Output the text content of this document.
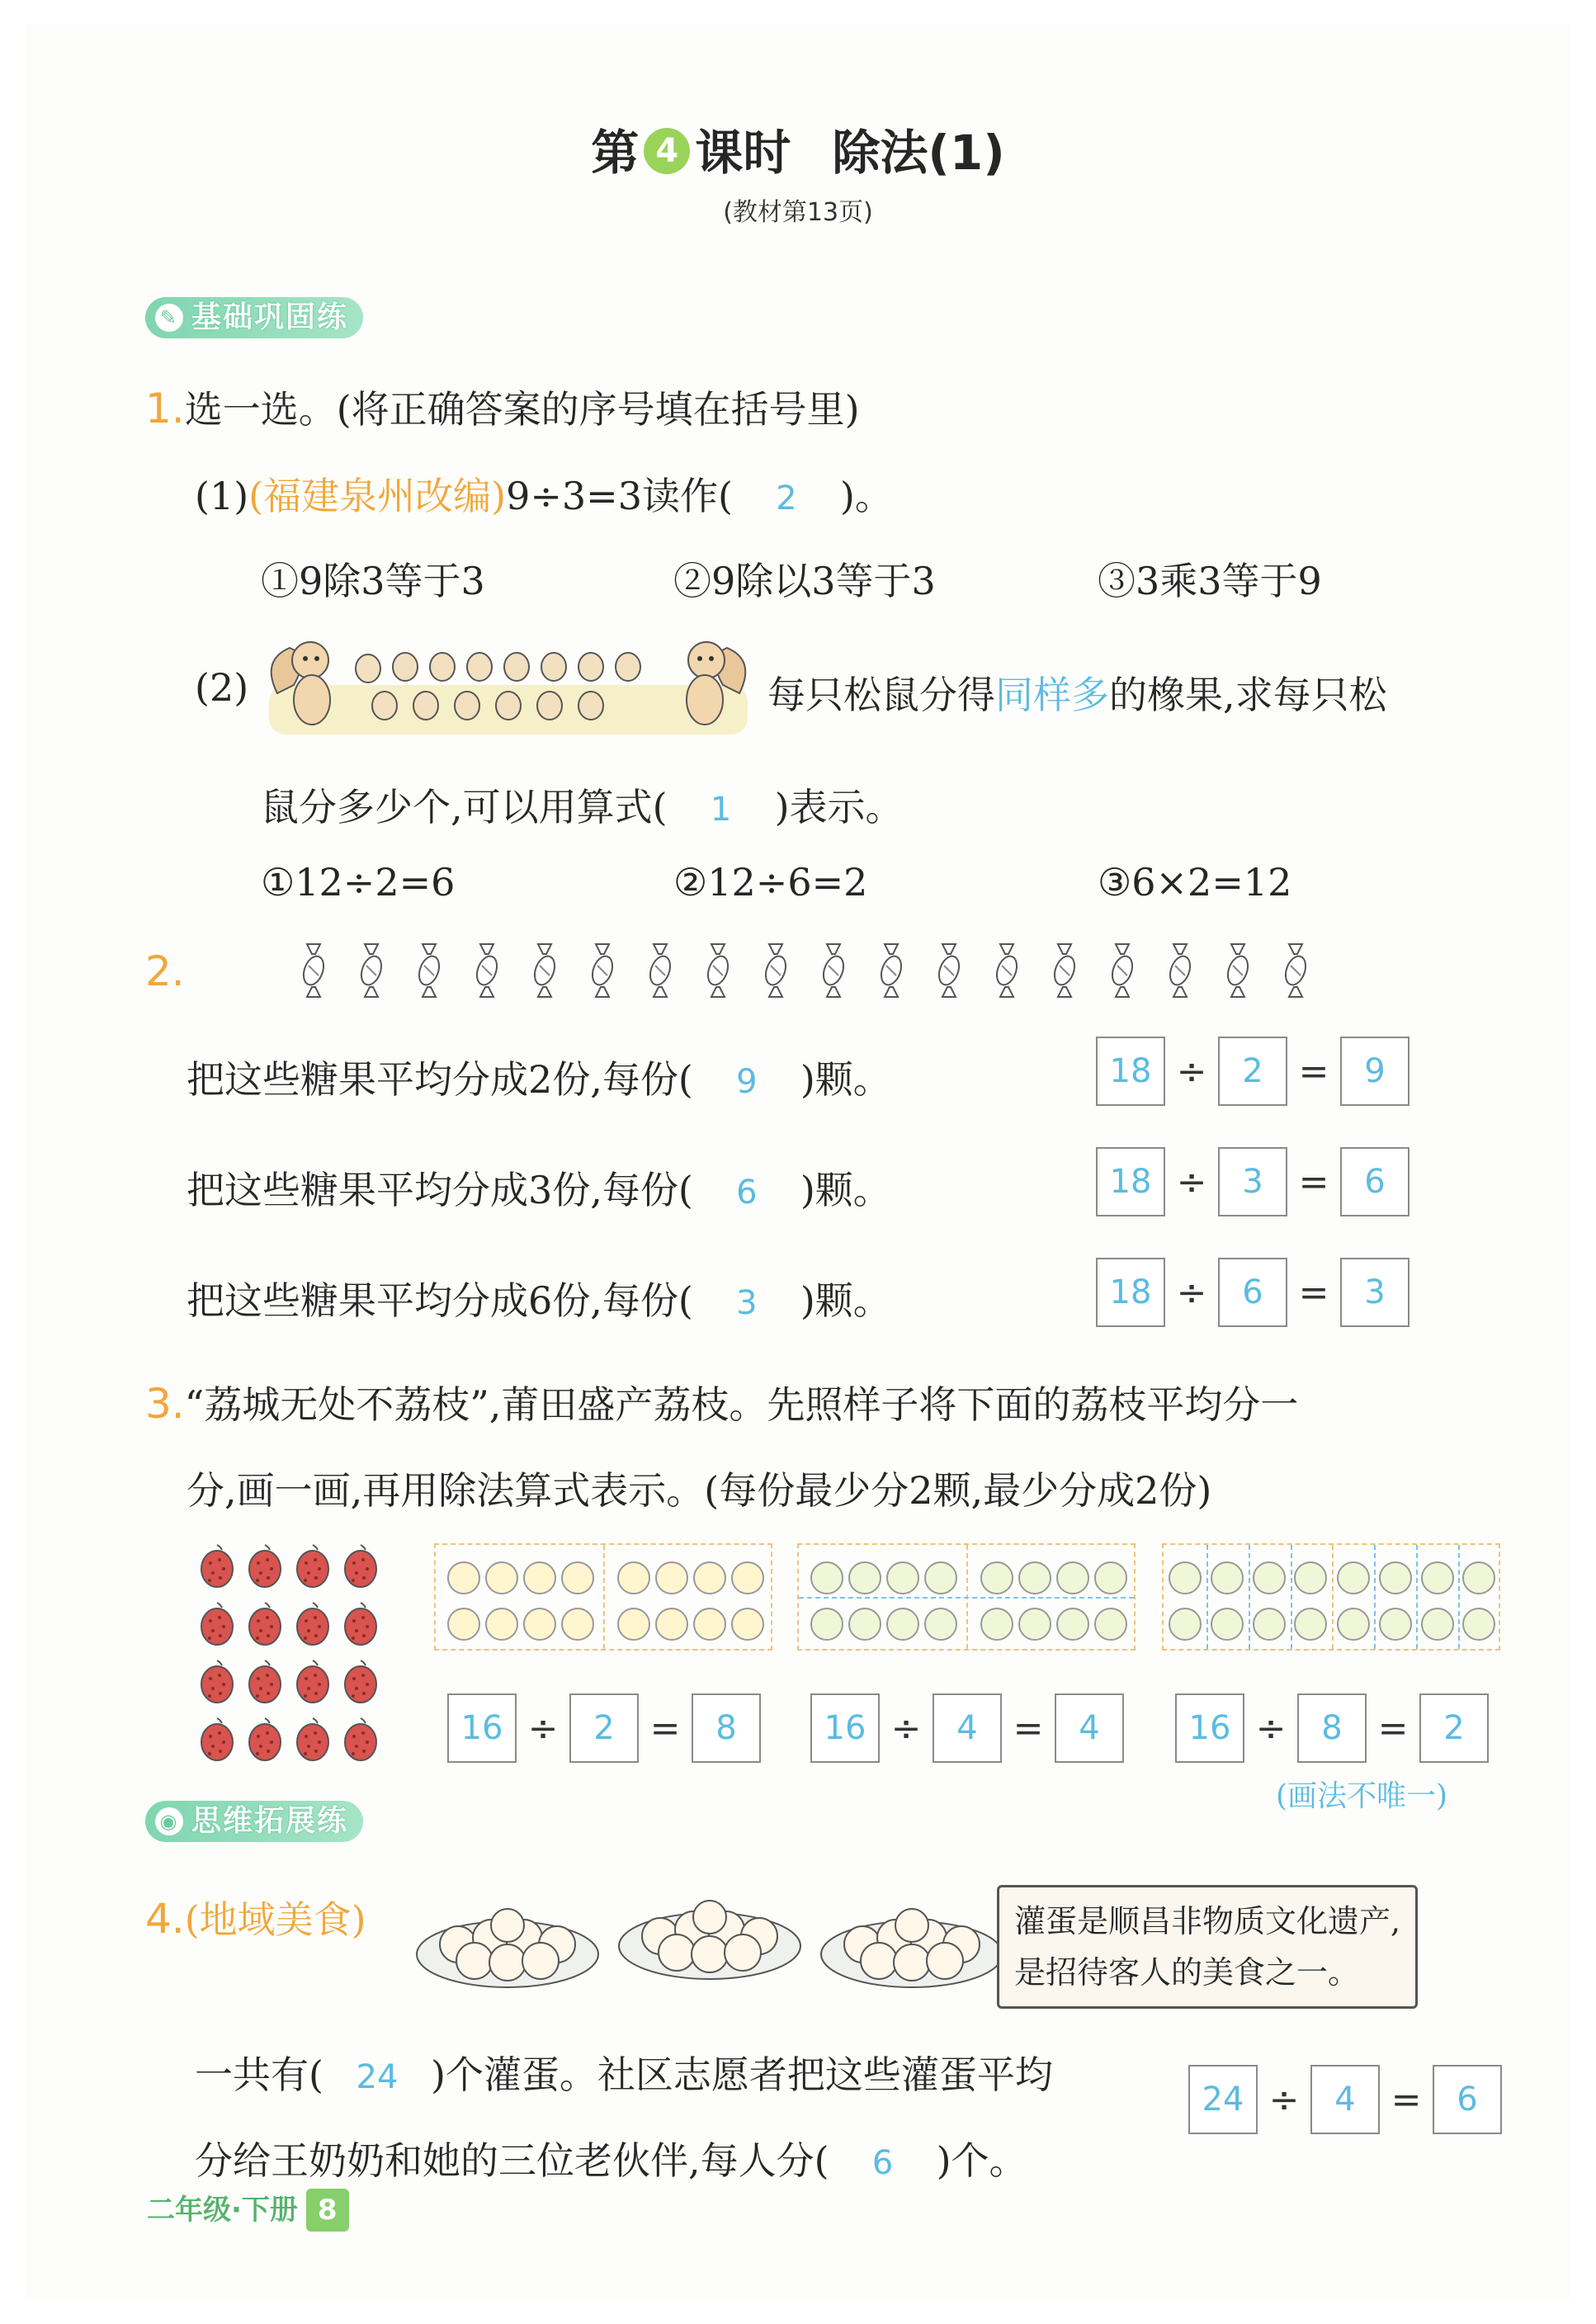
第 4 课时 除法(1)
(教材第13页)
✎ 基础巩固练
1.选一选。(将正确答案的序号填在括号里)
(1)(福建泉州改编)9÷3=3读作( 2 )。
①9除3等于3	②9除以3等于3	③3乘3等于9
(2)	每只松鼠分得同样多的橡果,求每只松
鼠分多少个,可以用算式( 1 )表示。
①12÷2=6	②12÷6=2	③6×2=12
2.
把这些糖果平均分成2份,每份( 9 )颗。	18 ÷	2 =	9
把这些糖果平均分成3份,每份( 6 )颗。	18 ÷	3 =	6
把这些糖果平均分成6份,每份( 3 )颗。	18 ÷	6 =	3
3.“荔城无处不荔枝”,莆田盛产荔枝。先照样子将下面的荔枝平均分一
分,画一画,再用除法算式表示。(每份最少分2颗,最少分成2份)
16 ÷	2 =	8	16 ÷	4 =	4	16 ÷	8 =	2
(画法不唯一)
◉ 思维拓展练
4.(地域美食)	灌蛋是顺昌非物质文化遗产,
是招待客人的美食之一。
一共有( 24 )个灌蛋。社区志愿者把这些灌蛋平均
分给王奶奶和她的三位老伙伴,每人分( 6 )个。
24 ÷	4 =	6
二年级·下册 8
